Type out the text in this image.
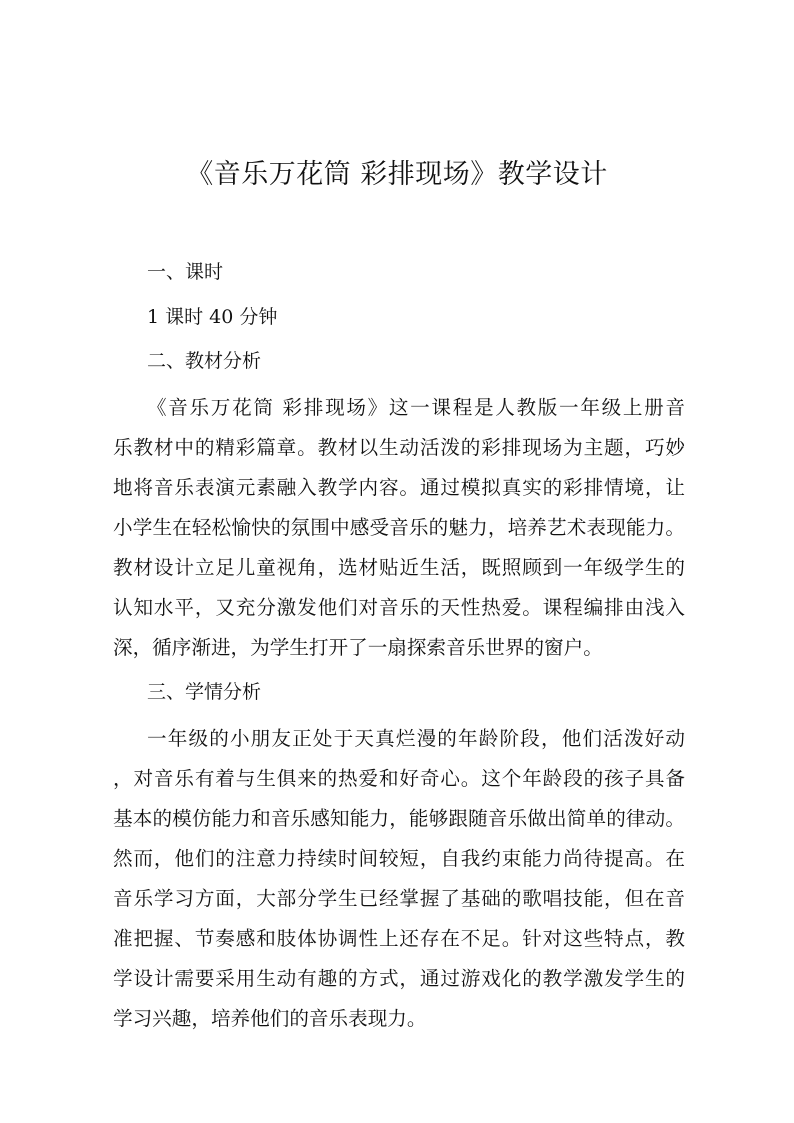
《音乐万花筒 彩排现场》教学设计
一、课时
1 课时 40 分钟
二、教材分析
《音乐万花筒 彩排现场》这一课程是人教版一年级上册音
乐教材中的精彩篇章。教材以生动活泼的彩排现场为主题，巧妙
地将音乐表演元素融入教学内容。通过模拟真实的彩排情境，让
小学生在轻松愉快的氛围中感受音乐的魅力，培养艺术表现能力。
教材设计立足儿童视角，选材贴近生活，既照顾到一年级学生的
认知水平，又充分激发他们对音乐的天性热爱。课程编排由浅入
深，循序渐进，为学生打开了一扇探索音乐世界的窗户。
三、学情分析
一年级的小朋友正处于天真烂漫的年龄阶段，他们活泼好动
，对音乐有着与生俱来的热爱和好奇心。这个年龄段的孩子具备
基本的模仿能力和音乐感知能力，能够跟随音乐做出简单的律动。
然而，他们的注意力持续时间较短，自我约束能力尚待提高。在
音乐学习方面，大部分学生已经掌握了基础的歌唱技能，但在音
准把握、节奏感和肢体协调性上还存在不足。针对这些特点，教
学设计需要采用生动有趣的方式，通过游戏化的教学激发学生的
学习兴趣，培养他们的音乐表现力。
